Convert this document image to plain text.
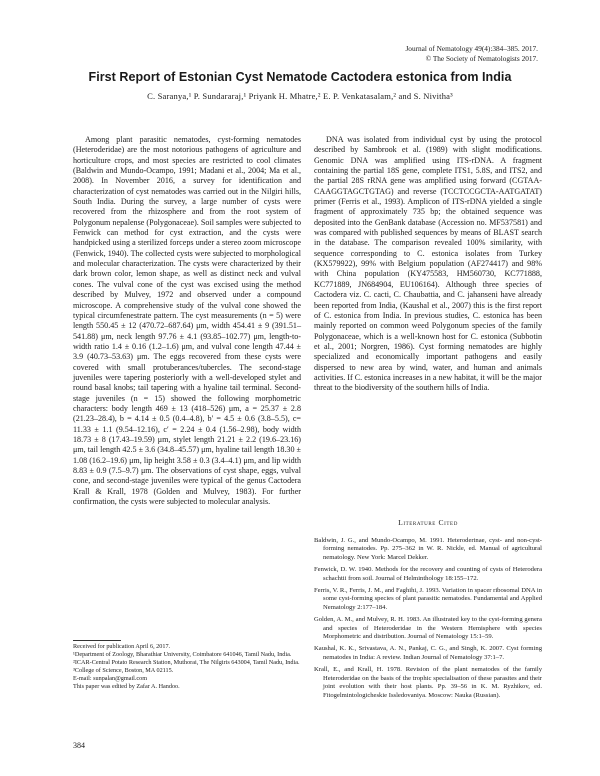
Journal of Nematology 49(4):384–385. 2017.
© The Society of Nematologists 2017.
First Report of Estonian Cyst Nematode Cactodera estonica from India
C. Saranya,¹ P. Sundararaj,¹ Priyank H. Mhatre,² E. P. Venkatasalam,² and S. Nivitha³

Among plant parasitic nematodes, cyst-forming nematodes (Heteroderidae) are the most notorious pathogens of agriculture and horticulture crops, and most species are restricted to cool climates (Baldwin and Mundo-Ocampo, 1991; Madani et al., 2004; Ma et al., 2008). In November 2016, a survey for identification and characterization of cyst nematodes was carried out in the Nilgiri hills, South India. During the survey, a large number of cysts were recovered from the rhizosphere and from the root system of Polygonum nepalense (Polygonaceae). Soil samples were subjected to Fenwick can method for cyst extraction, and the cysts were handpicked using a sterilized forceps under a stereo zoom microscope (Fenwick, 1940). The collected cysts were subjected to morphological and molecular characterization. The cysts were characterized by their dark brown color, lemon shape, as well as distinct neck and vulval cones. The vulval cone of the cyst was excised using the method described by Mulvey, 1972 and observed under a compound microscope. A comprehensive study of the vulval cone showed the typical circumfenestrate pattern. The cyst measurements (n = 5) were length 550.45 ± 12 (470.72–687.64) μm, width 454.41 ± 9 (391.51–541.88) μm, neck length 97.76 ± 4.1 (93.85–102.77) μm, length-to-width ratio 1.4 ± 0.16 (1.2–1.6) μm, and vulval cone length 47.44 ± 3.9 (40.73–53.63) μm. The eggs recovered from these cysts were covered with small protuberances/tubercles. The second-stage juveniles were tapering posteriorly with a well-developed stylet and round basal knobs; tail tapering with a hyaline tail terminal. Second-stage juveniles (n = 15) showed the following morphometric characters: body length 469 ± 13 (418–526) μm, a = 25.37 ± 2.8 (21.23–28.4), b = 4.14 ± 0.5 (0.4–4.8), b′ = 4.5 ± 0.6 (3.8–5.5), c= 11.33 ± 1.1 (9.54–12.16), c′ = 2.24 ± 0.4 (1.56–2.98), body width 18.73 ± 8 (17.43–19.59) μm, stylet length 21.21 ± 2.2 (19.6–23.16) μm, tail length 42.5 ± 3.6 (34.8–45.57) μm, hyaline tail length 18.30 ± 1.08 (16.2–19.6) μm, lip height 3.58 ± 0.3 (3.4–4.1) μm, and lip width 8.83 ± 0.9 (7.5–9.7) μm. The observations of cyst shape, eggs, vulval cone, and second-stage juveniles were typical of the genus Cactodera Krall & Krall, 1978 (Golden and Mulvey, 1983). For further confirmation, the cysts were subjected to molecular analysis.

DNA was isolated from individual cyst by using the protocol described by Sambrook et al. (1989) with slight modifications. Genomic DNA was amplified using ITS-rDNA. A fragment containing the partial 18S gene, complete ITS1, 5.8S, and ITS2, and the partial 28S rRNA gene was amplified using forward (CGTAA-CAAGGTAGCTGTAG) and reverse (TCCTCCGCTA-AATGATAT) primer (Ferris et al., 1993). Amplicon of ITS-rDNA yielded a single fragment of approximately 735 bp; the obtained sequence was deposited into the GenBank database (Accession no. MF537581) and was compared with published sequences by means of BLAST search in the database. The comparison revealed 100% similarity, with sequence corresponding to C. estonica isolates from Turkey (KX579922), 99% with Belgium population (AF274417) and 98% with China population (KY475583, HM560730, KC771888, KC771889, JN684904, EU106164). Although three species of Cactodera viz. C. cacti, C. Chaubattia, and C. jahanseni have already been reported from India, (Kaushal et al., 2007) this is the first report of C. estonica from India. In previous studies, C. estonica has been mainly reported on common weed Polygonum species of the family Polygonaceae, which is a well-known host for C. estonica (Subbotin et al., 2001; Norgren, 1986). Cyst forming nematodes are highly specialized and economically important pathogens and easily dispersed to new area by wind, water, and human and animals activities. If C. estonica increases in a new habitat, it will be the major threat to the biodiversity of the southern hills of India.

Literature Cited
Baldwin, J. G., and Mundo-Ocampo, M. 1991. Heteroderinae, cyst- and non-cyst-forming nematodes. Pp. 275–362 in W. R. Nickle, ed. Manual of agricultural nematology. New York: Marcel Dekker.
Fenwick, D. W. 1940. Methods for the recovery and counting of cysts of Heterodera schachtii from soil. Journal of Helminthology 18:155–172.
Ferris, V. R., Ferris, J. M., and Faghihi, J. 1993. Variation in spacer ribosomal DNA in some cyst-forming species of plant parasitic nematodes. Fundamental and Applied Nematology 2:177–184.
Golden, A. M., and Mulvey, R. H. 1983. An illustrated key to the cyst-forming genera and species of Heteroderidae in the Western Hemisphere with species Morphometric and distribution. Journal of Nematology 15:1–59.
Kaushal, K. K., Srivastava, A. N., Pankaj, C. G., and Singh, K. 2007. Cyst forming nematodes in India: A review. Indian Journal of Nematology 37:1–7.
Krall, E., and Krall, H. 1978. Revision of the plant nematodes of the family Heteroderidae on the basis of the trophic specialisation of these parasites and their joint evolution with their host plants. Pp. 39–56 in K. M. Ryzhikov, ed. Fitogelmintologicheskie Issledovaniya. Moscow: Nauka (Russian).
Received for publication April 6, 2017.
¹Department of Zoology, Bharathiar University, Coimbatore 641046, Tamil Nadu, India.
²ICAR-Central Potato Research Station, Muthorai, The Nilgiris 643004, Tamil Nadu, India.
³College of Science, Boston, MA 02115.
E-mail: sunpalan@gmail.com
This paper was edited by Zafar A. Handoo.
384
